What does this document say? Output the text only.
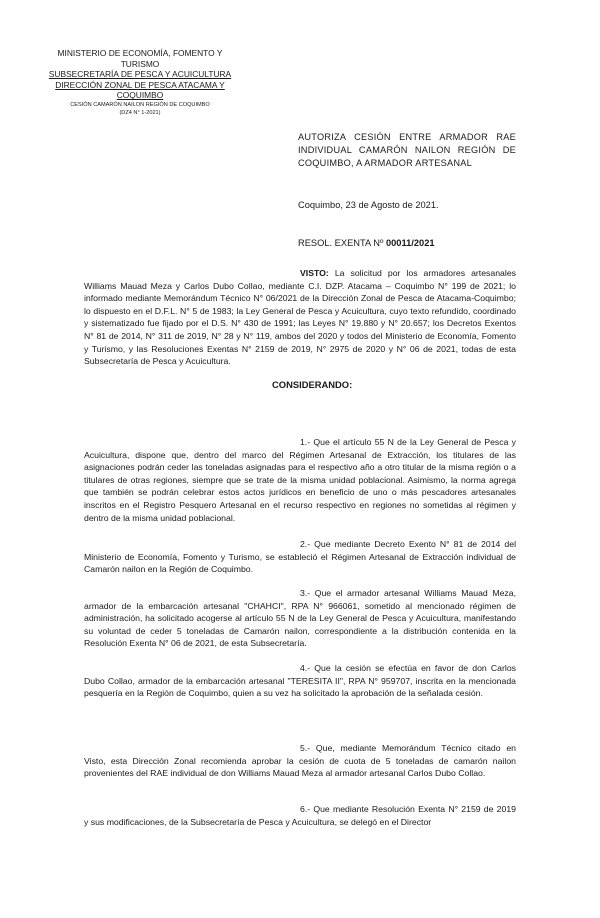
MINISTERIO DE ECONOMÍA, FOMENTO Y
TURISMO
SUBSECRETARÍA DE PESCA Y ACUICULTURA
DIRECCIÓN ZONAL DE PESCA ATACAMA Y
COQUIMBO
CESIÓN CAMARÓN NAILON REGIÓN DE COQUIMBO
(DZ4 N° 1-2021)
AUTORIZA CESIÓN ENTRE ARMADOR RAE INDIVIDUAL CAMARÓN NAILON REGIÓN DE COQUIMBO, A ARMADOR ARTESANAL
Coquimbo, 23 de Agosto de 2021.
RESOL. EXENTA Nº 00011/2021

VISTO: La solicitud por los armadores artesanales Williams Mauad Meza y Carlos Dubo Collao, mediante C.I. DZP. Atacama – Coquimbo N° 199 de 2021; lo informado mediante Memorándum Técnico N° 06/2021 de la Dirección Zonal de Pesca de Atacama-Coquimbo; lo dispuesto en el D.F.L. N° 5 de 1983; la Ley General de Pesca y Acuicultura, cuyo texto refundido, coordinado y sistematizado fue fijado por el D.S. N° 430 de 1991; las Leyes N° 19.880 y N° 20.657; los Decretos Exentos N° 81 de 2014, N° 311 de 2019, N° 28 y N° 119, ambos del 2020 y todos del Ministerio de Economía, Fomento y Turismo, y las Resoluciones Exentas N° 2159 de 2019, N° 2975 de 2020 y N° 06 de 2021, todas de esta Subsecretaría de Pesca y Acuicultura.

CONSIDERANDO:

1.- Que el artículo 55 N de la Ley General de Pesca y Acuicultura, dispone que, dentro del marco del Régimen Artesanal de Extracción, los titulares de las asignaciones podrán ceder las toneladas asignadas para el respectivo año a otro titular de la misma región o a titulares de otras regiones, siempre que se trate de la misma unidad poblacional. Asimismo, la norma agrega que también se podrán celebrar estos actos jurídicos en beneficio de uno o más pescadores artesanales inscritos en el Registro Pesquero Artesanal en el recurso respectivo en regiones no sometidas al régimen y dentro de la misma unidad poblacional.

2.- Que mediante Decreto Exento N° 81 de 2014 del Ministerio de Economía, Fomento y Turismo, se estableció el Régimen Artesanal de Extracción individual de Camarón nailon en la Región de Coquimbo.

3.- Que el armador artesanal Williams Mauad Meza, armador de la embarcación artesanal "CHAHCI", RPA N° 966061, sometido al mencionado régimen de administración, ha solicitado acogerse al artículo 55 N de la Ley General de Pesca y Acuicultura, manifestando su voluntad de ceder 5 toneladas de Camarón nailon, correspondiente a la distribución contenida en la Resolución Exenta N° 06 de 2021, de esta Subsecretaría.

4.- Que la cesión se efectúa en favor de don Carlos Dubo Collao, armador de la embarcación artesanal "TERESITA II", RPA N° 959707, inscrita en la mencionada pesquería en la Región de Coquimbo, quien a su vez ha solicitado la aprobación de la señalada cesión.

5.- Que, mediante Memorándum Técnico citado en Visto, esta Dirección Zonal recomienda aprobar la cesión de cuota de 5 toneladas de camarón nailon provenientes del RAE individual de don Williams Mauad Meza al armador artesanal Carlos Dubo Collao.

6.- Que mediante Resolución Exenta N° 2159 de 2019 y sus modificaciones, de la Subsecretaría de Pesca y Acuicultura, se delegó en el Director
